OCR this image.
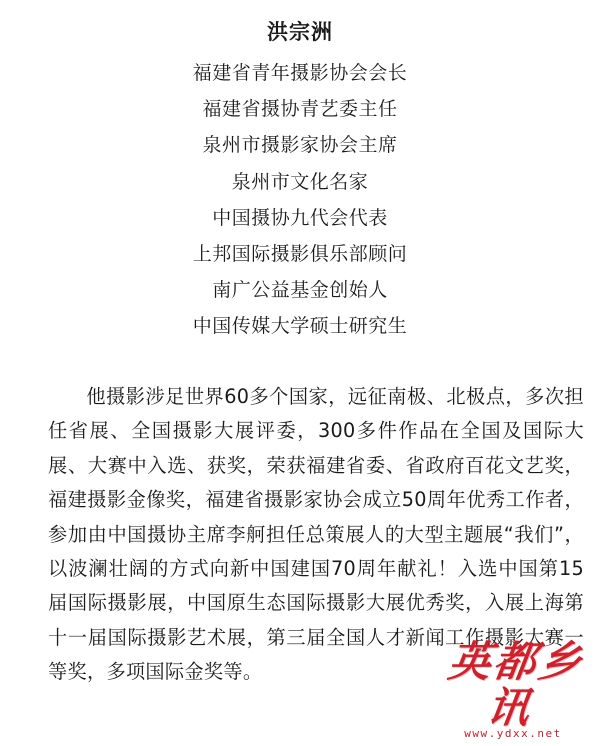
洪宗洲
福建省青年摄影协会会长
福建省摄协青艺委主任
泉州市摄影家协会主席
泉州市文化名家
中国摄协九代会代表
上邦国际摄影俱乐部顾问
南广公益基金创始人
中国传媒大学硕士研究生

他摄影涉足世界60多个国家，远征南极、北极点，多次担任省展、全国摄影大展评委，300多件作品在全国及国际大展、大赛中入选、获奖，荣获福建省委、省政府百花文艺奖，福建摄影金像奖，福建省摄影家协会成立50周年优秀工作者，参加由中国摄协主席李舸担任总策展人的大型主题展“我们”，以波澜壮阔的方式向新中国建国70周年献礼！入选中国第15届国际摄影展，中国原生态国际摄影大展优秀奖，入展上海第十一届国际摄影艺术展，第三届全国人才新闻工作摄影大赛一等奖，多项国际金奖等。	英都乡讯
www.ydxx.net
